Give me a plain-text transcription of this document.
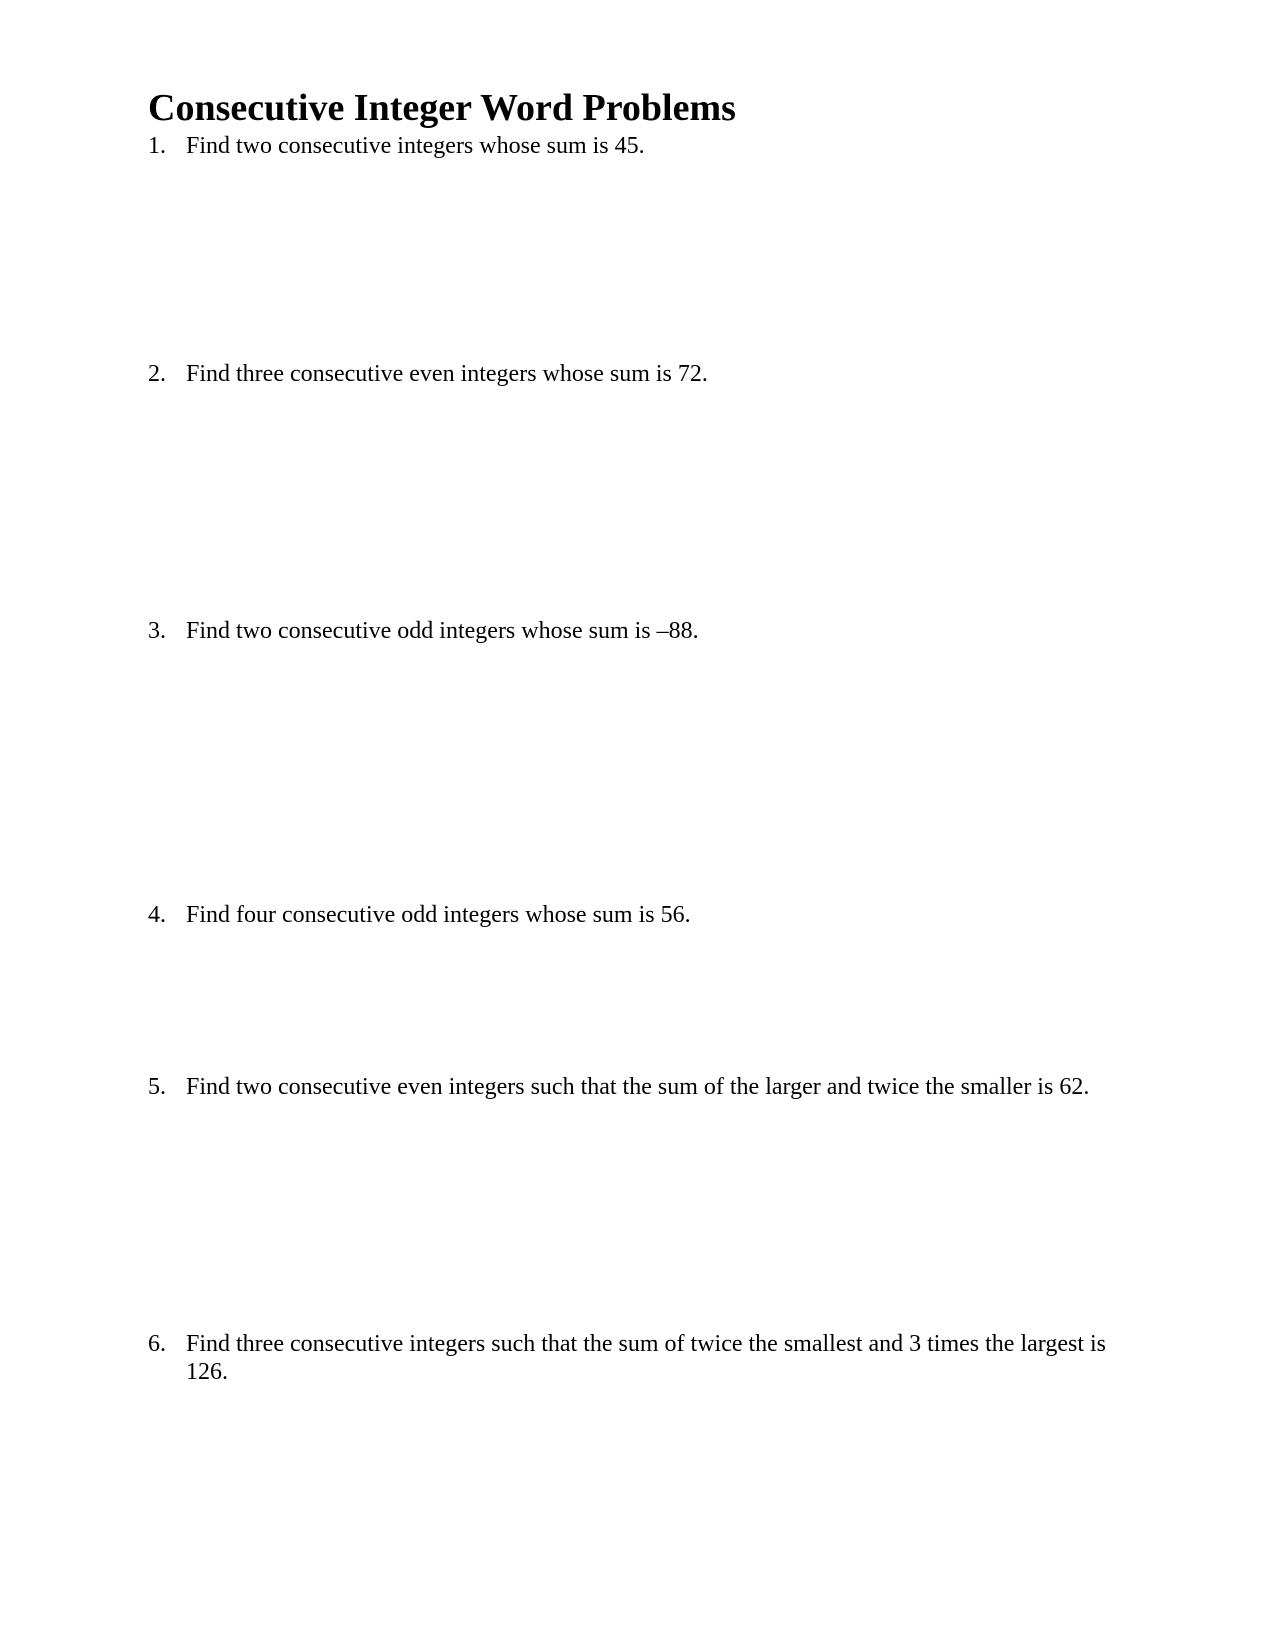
Consecutive Integer Word Problems
1. Find two consecutive integers whose sum is 45.
2. Find three consecutive even integers whose sum is 72.
3. Find two consecutive odd integers whose sum is –88.
4. Find four consecutive odd integers whose sum is 56.
5. Find two consecutive even integers such that the sum of the larger and twice the smaller is 62.
6. Find three consecutive integers such that the sum of twice the smallest and 3 times the largest is 126.
